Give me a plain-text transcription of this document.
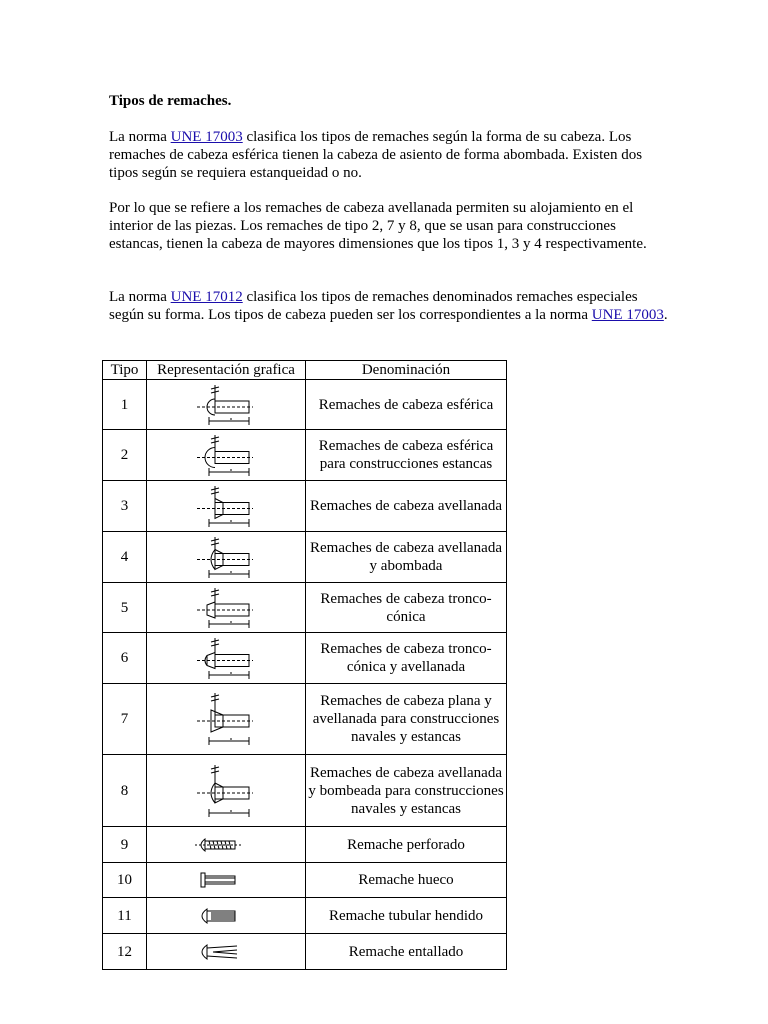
Tipos de remaches.

La norma UNE 17003 clasifica los tipos de remaches según la forma de su cabeza. Los remaches de cabeza esférica tienen la cabeza de asiento de forma abombada. Existen dos tipos según se requiera estanqueidad o no.

Por lo que se refiere a los remaches de cabeza avellanada permiten su alojamiento en el interior de las piezas. Los remaches de tipo 2, 7 y 8, que se usan para construcciones estancas, tienen la cabeza de mayores dimensiones que los tipos 1, 3 y 4 respectivamente.

La norma UNE 17012 clasifica los tipos de remaches denominados remaches especiales según su forma. Los tipos de cabeza pueden ser los correspondientes a la norma UNE 17003.

Tipo	Representación grafica	Denominación
1		Remaches de cabeza esférica
2		Remaches de cabeza esférica para construcciones estancas
3		Remaches de cabeza avellanada
4		Remaches de cabeza avellanada y abombada
5		Remaches de cabeza tronco-cónica
6		Remaches de cabeza tronco-cónica y avellanada
7		Remaches de cabeza plana y avellanada para construcciones navales y estancas
8		Remaches de cabeza avellanada y bombeada para construcciones navales y estancas
9		Remache perforado
10		Remache hueco
11		Remache tubular hendido
12		Remache entallado
